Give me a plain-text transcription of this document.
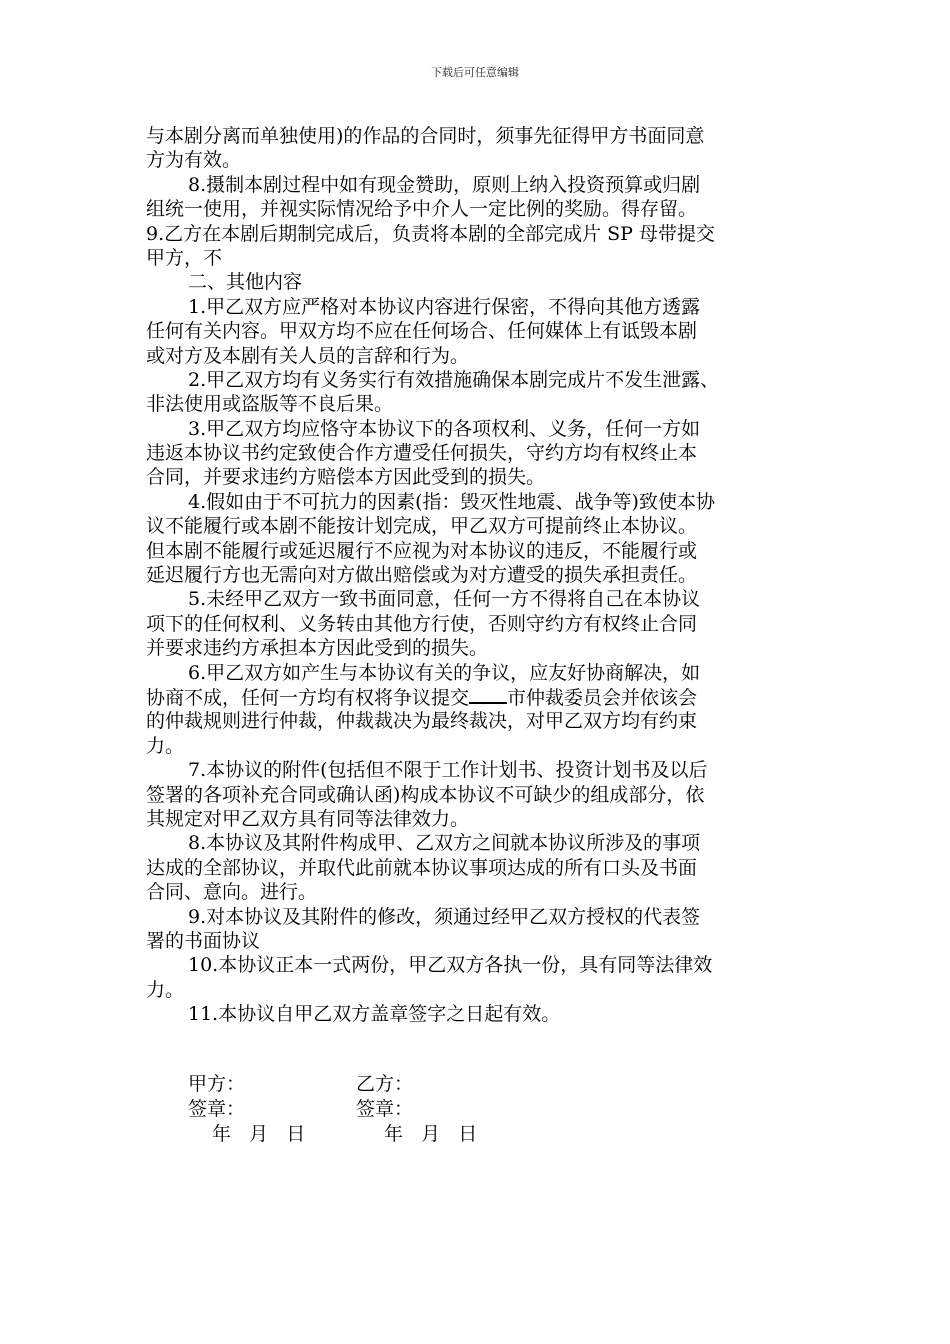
下载后可任意编辑
与本剧分离而单独使用)的作品的合同时，须事先征得甲方书面同意
方为有效。
8.摄制本剧过程中如有现金赞助，原则上纳入投资预算或归剧
组统一使用，并视实际情况给予中介人一定比例的奖励。得存留。
9.乙方在本剧后期制完成后，负责将本剧的全部完成片 SP 母带提交
甲方，不
二、其他内容
1.甲乙双方应严格对本协议内容进行保密，不得向其他方透露
任何有关内容。甲双方均不应在任何场合、任何媒体上有诋毁本剧
或对方及本剧有关人员的言辞和行为。
2.甲乙双方均有义务实行有效措施确保本剧完成片不发生泄露、
非法使用或盗版等不良后果。
3.甲乙双方均应恪守本协议下的各项权利、义务，任何一方如
违返本协议书约定致使合作方遭受任何损失，守约方均有权终止本
合同，并要求违约方赔偿本方因此受到的损失。
4.假如由于不可抗力的因素(指：毁灭性地震、战争等)致使本协
议不能履行或本剧不能按计划完成，甲乙双方可提前终止本协议。
但本剧不能履行或延迟履行不应视为对本协议的违反，不能履行或
延迟履行方也无需向对方做出赔偿或为对方遭受的损失承担责任。
5.未经甲乙双方一致书面同意，任何一方不得将自己在本协议
项下的任何权利、义务转由其他方行使，否则守约方有权终止合同
并要求违约方承担本方因此受到的损失。
6.甲乙双方如产生与本协议有关的争议，应友好协商解决，如
协商不成，任何一方均有权将争议提交 市仲裁委员会并依该会
的仲裁规则进行仲裁，仲裁裁决为最终裁决，对甲乙双方均有约束
力。
7.本协议的附件(包括但不限于工作计划书、投资计划书及以后
签署的各项补充合同或确认函)构成本协议不可缺少的组成部分，依
其规定对甲乙双方具有同等法律效力。
8.本协议及其附件构成甲、乙双方之间就本协议所涉及的事项
达成的全部协议，并取代此前就本协议事项达成的所有口头及书面
合同、意向。进行。
9.对本协议及其附件的修改，须通过经甲乙双方授权的代表签
署的书面协议
10.本协议正本一式两份，甲乙双方各执一份，具有同等法律效
力。
11.本协议自甲乙双方盖章签字之日起有效。
甲方：	乙方：
签章：	签章：
年   月   日	年   月   日
